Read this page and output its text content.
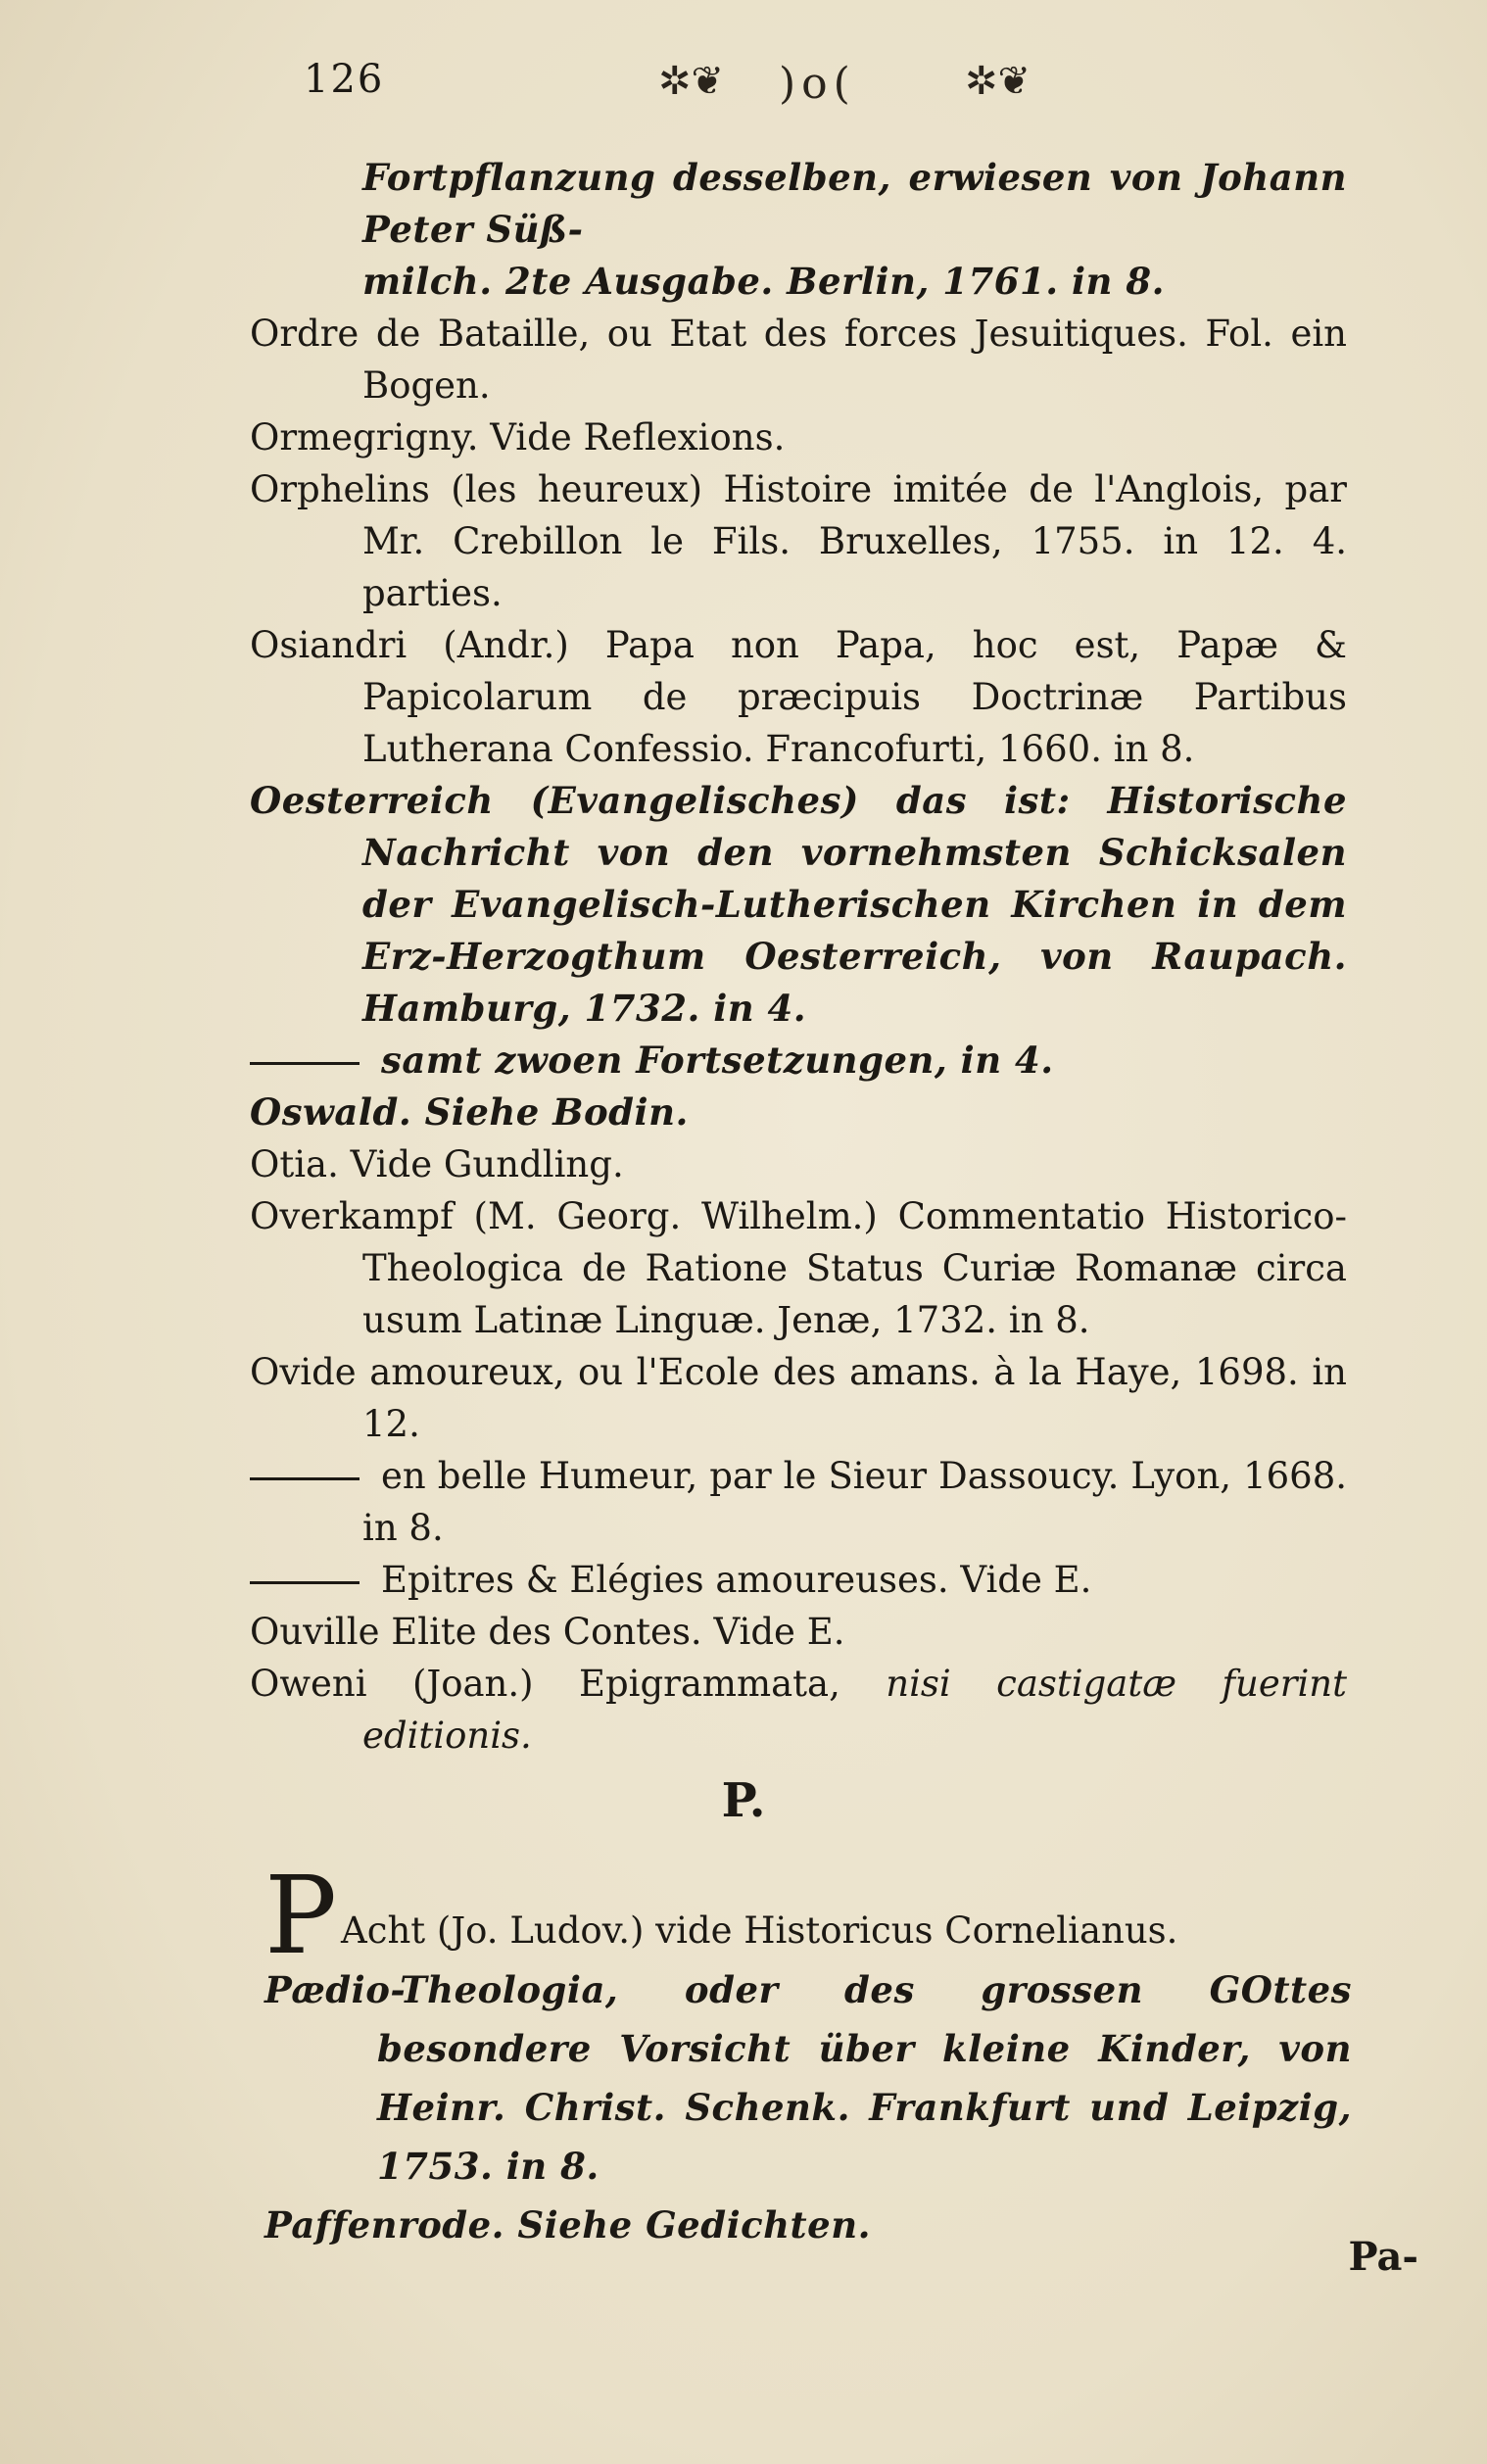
126	✲❦ )o(	✲❦

Fortpflanzung desselben, erwiesen von Johann Peter Süß-

milch. 2te Ausgabe. Berlin, 1761. in 8.

Ordre de Bataille, ou Etat des forces Jesuitiques. Fol. ein Bogen.

Ormegrigny. Vide Reflexions.

Orphelins (les heureux) Histoire imitée de l'Anglois, par Mr. Crebillon le Fils. Bruxelles, 1755. in 12. 4. parties.

Osiandri (Andr.) Papa non Papa, hoc est, Papæ & Papicolarum de præcipuis Doctrinæ Partibus Lutherana Confessio. Francofurti, 1660. in 8.

Oesterreich (Evangelisches) das ist: Historische Nachricht von den vornehmsten Schicksalen der Evangelisch-Lutherischen Kirchen in dem Erz-Herzogthum Oesterreich, von Raupach. Hamburg, 1732. in 4.

samt zwoen Fortsetzungen, in 4.

Oswald. Siehe Bodin.

Otia. Vide Gundling.

Overkampf (M. Georg. Wilhelm.) Commentatio Historico-Theologica de Ratione Status Curiæ Romanæ circa usum Latinæ Linguæ. Jenæ, 1732. in 8.

Ovide amoureux, ou l'Ecole des amans. à la Haye, 1698. in 12.

en belle Humeur, par le Sieur Dassoucy. Lyon, 1668. in 8.

Epitres & Elégies amoureuses. Vide E.

Ouville Elite des Contes. Vide E.

Oweni (Joan.) Epigrammata, nisi castigatæ fuerint editionis.

P.

P Acht (Jo. Ludov.) vide Historicus Cornelianus.

Pædio-Theologia, oder des grossen GOttes besondere Vorsicht über kleine Kinder, von Heinr. Christ. Schenk. Frankfurt und Leipzig, 1753. in 8.

Paffenrode. Siehe Gedichten.

Pa-
